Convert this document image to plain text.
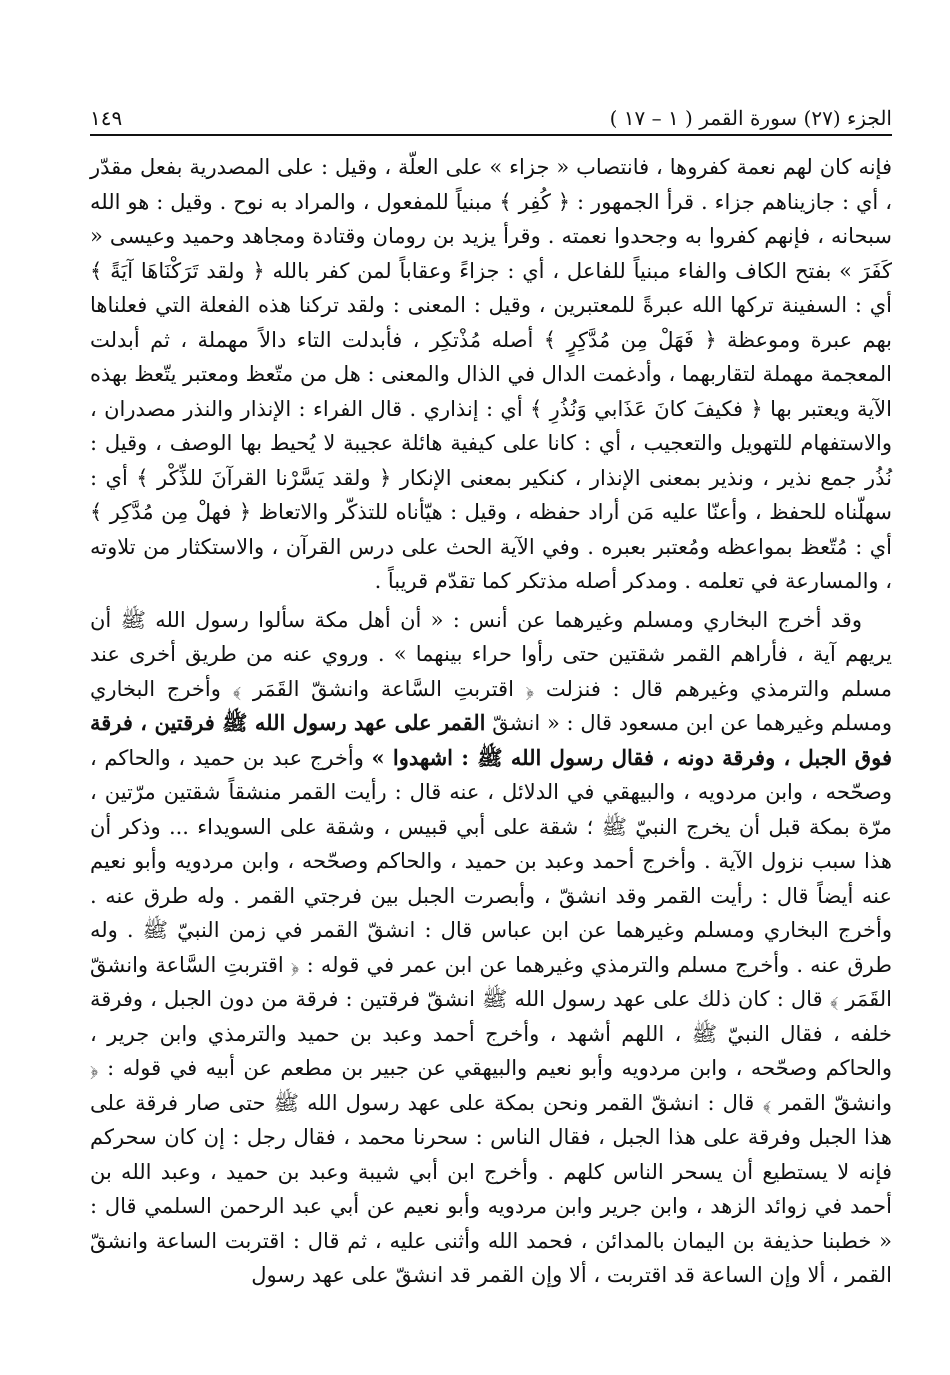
الجزء (٢٧) سورة القمر ( ١ – ١٧ )
١٤٩

فإنه كان لهم نعمة كفروها ، فانتصاب « جزاء » على العلّة ، وقيل : على المصدرية بفعل مقدّر ، أي : جازيناهم جزاء . قرأ الجمهور : ﴿ كُفِر ﴾ مبنياً للمفعول ، والمراد به نوح . وقيل : هو الله سبحانه ، فإنهم كفروا به وجحدوا نعمته . وقرأ يزيد بن رومان وقتادة ومجاهد وحميد وعيسى « كَفَرَ » بفتح الكاف والفاء مبنياً للفاعل ، أي : جزاءً وعقاباً لمن كفر بالله ﴿ ولقد تَرَكْنَاهَا آيَةً ﴾ أي : السفينة تركها الله عبرةً للمعتبرين ، وقيل : المعنى : ولقد تركنا هذه الفعلة التي فعلناها بهم عبرة وموعظة ﴿ فَهَلْ مِن مُدَّكِرٍ ﴾ أصله مُذْتكِر ، فأبدلت التاء دالاً مهملة ، ثم أبدلت المعجمة مهملة لتقاربهما ، وأدغمت الدال في الذال والمعنى : هل من متّعظ ومعتبر يتّعظ بهذه الآية ويعتبر بها ﴿ فكيفَ كانَ عَذَابي وَنُذُرِ ﴾ أي : إنذاري . قال الفراء : الإنذار والنذر مصدران ، والاستفهام للتهويل والتعجيب ، أي : كانا على كيفية هائلة عجيبة لا يُحيط بها الوصف ، وقيل : نُذُر جمع نذير ، ونذير بمعنى الإنذار ، كنكير بمعنى الإنكار ﴿ ولقد يَسَّرْنا القرآنَ للذِّكْر ﴾ أي : سهلّناه للحفظ ، وأعنّا عليه مَن أراد حفظه ، وقيل : هيّأناه للتذكّر والاتعاظ ﴿ فهلْ مِن مُدَّكِر ﴾ أي : مُتّعظ بمواعظه ومُعتبر بعبره . وفي الآية الحث على درس القرآن ، والاستكثار من تلاوته ، والمسارعة في تعلمه . ومدكر أصله مذتكر كما تقدّم قريباً .

وقد أخرج البخاري ومسلم وغيرهما عن أنس : « أن أهل مكة سألوا رسول الله ﷺ أن يريهم آية ، فأراهم القمر شقتين حتى رأوا حراء بينهما » . وروي عنه من طريق أخرى عند مسلم والترمذي وغيرهم قال : فنزلت ﴿ اقتربتِ السَّاعة وانشقّ القَمَر ﴾ وأخرج البخاري ومسلم وغيرهما عن ابن مسعود قال : « انشقّ القمر على عهد رسول الله ﷺ فرقتين ، فرقة فوق الجبل ، وفرقة دونه ، فقال رسول الله ﷺ : اشهدوا » وأخرج عبد بن حميد ، والحاكم ، وصحّحه ، وابن مردويه ، والبيهقي في الدلائل ، عنه قال : رأيت القمر منشقاً شقتين مرّتين ، مرّة بمكة قبل أن يخرج النبيّ ﷺ ؛ شقة على أبي قبيس ، وشقة على السويداء ... وذكر أن هذا سبب نزول الآية . وأخرج أحمد وعبد بن حميد ، والحاكم وصحّحه ، وابن مردويه وأبو نعيم عنه أيضاً قال : رأيت القمر وقد انشقّ ، وأبصرت الجبل بين فرجتي القمر . وله طرق عنه . وأخرج البخاري ومسلم وغيرهما عن ابن عباس قال : انشقّ القمر في زمن النبيّ ﷺ . وله طرق عنه . وأخرج مسلم والترمذي وغيرهما عن ابن عمر في قوله : ﴿ اقتربتِ السَّاعة وانشقّ القَمَر ﴾ قال : كان ذلك على عهد رسول الله ﷺ انشقّ فرقتين : فرقة من دون الجبل ، وفرقة خلفه ، فقال النبيّ ﷺ ، اللهم أشهد ، وأخرج أحمد وعبد بن حميد والترمذي وابن جرير ، والحاكم وصحّحه ، وابن مردويه وأبو نعيم والبيهقي عن جبير بن مطعم عن أبيه في قوله : ﴿ وانشقّ القمر ﴾ قال : انشقّ القمر ونحن بمكة على عهد رسول الله ﷺ حتى صار فرقة على هذا الجبل وفرقة على هذا الجبل ، فقال الناس : سحرنا محمد ، فقال رجل : إن كان سحركم فإنه لا يستطيع أن يسحر الناس كلهم . وأخرج ابن أبي شيبة وعبد بن حميد ، وعبد الله بن أحمد في زوائد الزهد ، وابن جرير وابن مردويه وأبو نعيم عن أبي عبد الرحمن السلمي قال : « خطبنا حذيفة بن اليمان بالمدائن ، فحمد الله وأثنى عليه ، ثم قال : اقتربت الساعة وانشقّ القمر ، ألا وإن الساعة قد اقتربت ، ألا وإن القمر قد انشقّ على عهد رسول
